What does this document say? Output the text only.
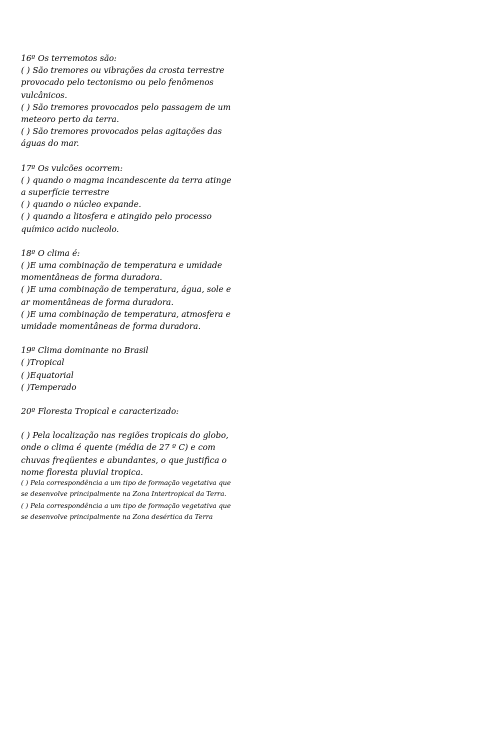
16º Os terremotos são:
( ) São tremores ou vibrações da crosta terrestre provocado pelo tectonismo ou pelo fenômenos vulcânicos.
( ) São tremores provocados pelo passagem de um meteoro perto da terra.
( ) São tremores provocados pelas agitações das águas do mar.
17º Os vulcões ocorrem:
( ) quando o magma incandescente da terra atinge a superfície terrestre
( ) quando o núcleo expande.
( ) quando a litosfera e atingido pelo processo químico acido nucleolo.
18º O clima é:
( )E uma combinação de temperatura e umidade momentâneas de forma duradora.
( )E uma combinação de temperatura, água, sole e ar momentâneas de forma duradora.
( )E uma combinação de temperatura, atmosfera e umidade momentâneas de forma duradora.
19º Clima dominante no Brasil
( )Tropical
( )Equatorial
( )Temperado
20º Floresta Tropical e caracterizado:
( ) Pela localização nas regiões tropicais do globo, onde o clima é quente (média de 27 º C) e com chuvas freqüentes e abundantes, o que justifica o nome floresta pluvial tropica.
( ) Pela correspondência a um tipo de formação vegetativa que se desenvolve principalmente na Zona Intertropical da Terra.
( ) Pela correspondência a um tipo de formação vegetativa que se desenvolve principalmente na Zona desértica da Terra
